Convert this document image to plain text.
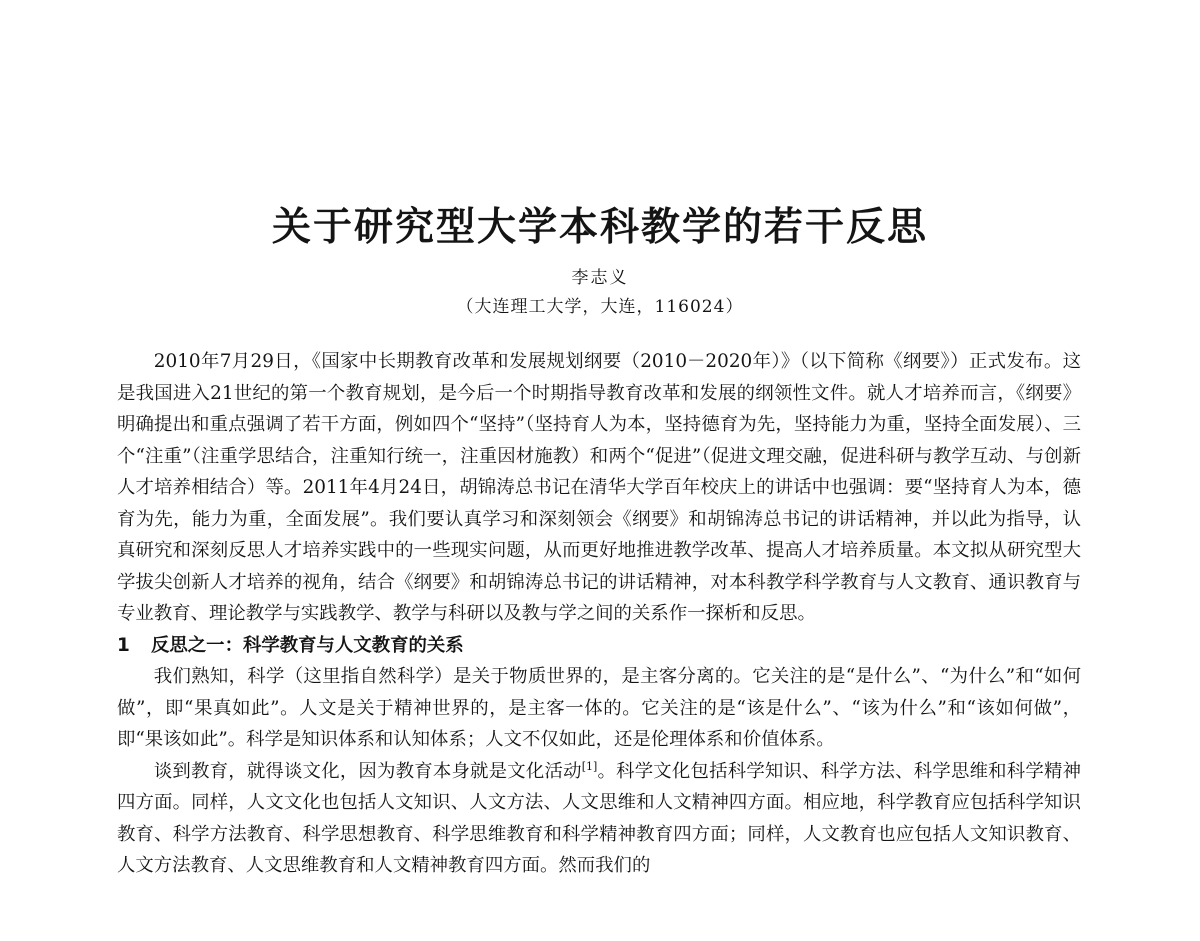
关于研究型大学本科教学的若干反思
李志义
（大连理工大学，大连，116024）

2010年7月29日，《国家中长期教育改革和发展规划纲要（2010－2020年）》（以下简称《纲要》）正式发布。这是我国进入21世纪的第一个教育规划，是今后一个时期指导教育改革和发展的纲领性文件。就人才培养而言，《纲要》明确提出和重点强调了若干方面，例如四个“坚持”（坚持育人为本，坚持德育为先，坚持能力为重，坚持全面发展）、三个“注重”（注重学思结合，注重知行统一，注重因材施教）和两个“促进”（促进文理交融，促进科研与教学互动、与创新人才培养相结合）等。2011年4月24日，胡锦涛总书记在清华大学百年校庆上的讲话中也强调：要“坚持育人为本，德育为先，能力为重，全面发展”。我们要认真学习和深刻领会《纲要》和胡锦涛总书记的讲话精神，并以此为指导，认真研究和深刻反思人才培养实践中的一些现实问题，从而更好地推进教学改革、提高人才培养质量。本文拟从研究型大学拔尖创新人才培养的视角，结合《纲要》和胡锦涛总书记的讲话精神，对本科教学科学教育与人文教育、通识教育与专业教育、理论教学与实践教学、教学与科研以及教与学之间的关系作一探析和反思。

1 反思之一：科学教育与人文教育的关系

我们熟知，科学（这里指自然科学）是关于物质世界的，是主客分离的。它关注的是“是什么”、“为什么”和“如何做”，即“果真如此”。人文是关于精神世界的，是主客一体的。它关注的是“该是什么”、“该为什么”和“该如何做”，即“果该如此”。科学是知识体系和认知体系；人文不仅如此，还是伦理体系和价值体系。

谈到教育，就得谈文化，因为教育本身就是文化活动[1]。科学文化包括科学知识、科学方法、科学思维和科学精神四方面。同样，人文文化也包括人文知识、人文方法、人文思维和人文精神四方面。相应地，科学教育应包括科学知识教育、科学方法教育、科学思想教育、科学思维教育和科学精神教育四方面；同样，人文教育也应包括人文知识教育、人文方法教育、人文思维教育和人文精神教育四方面。然而我们的
